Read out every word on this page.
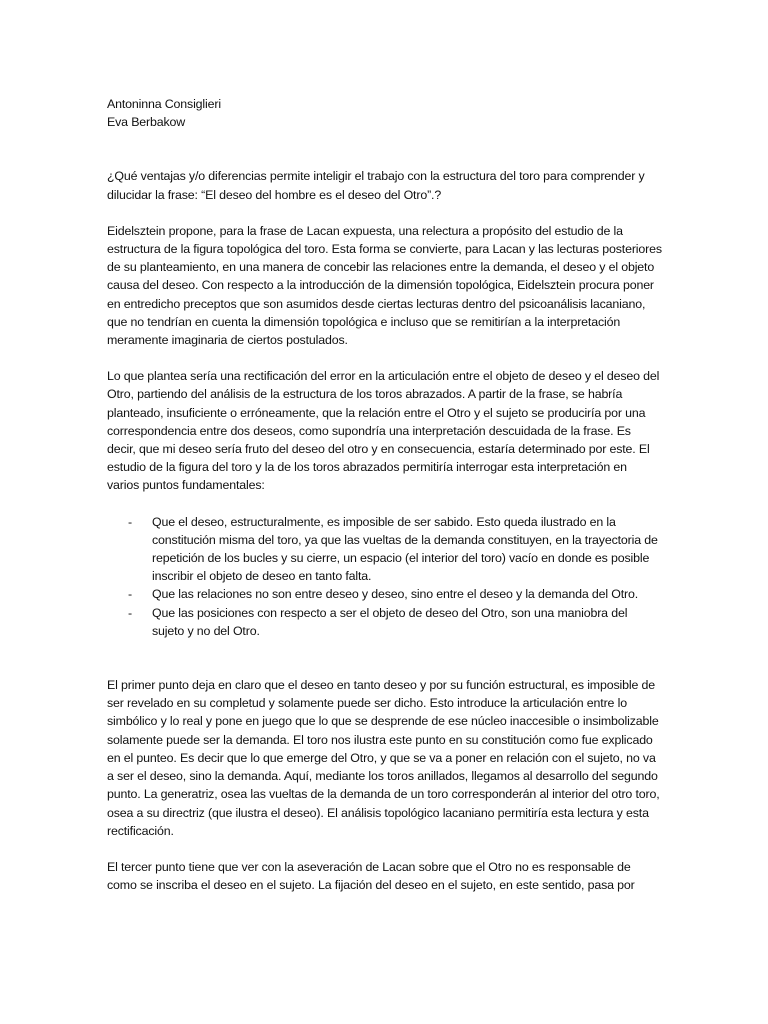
Antoninna Consiglieri
Eva Berbakow

¿Qué ventajas y/o diferencias permite inteligir el trabajo con la estructura del toro para comprender y dilucidar la frase: “El deseo del hombre es el deseo del Otro”.?

Eidelsztein propone, para la frase de Lacan expuesta, una relectura a propósito del estudio de la estructura de la figura topológica del toro. Esta forma se convierte, para Lacan y las lecturas posteriores de su planteamiento, en una manera de concebir las relaciones entre la demanda, el deseo y el objeto causa del deseo. Con respecto a la introducción de la dimensión topológica, Eidelsztein procura poner en entredicho preceptos que son asumidos desde ciertas lecturas dentro del psicoanálisis lacaniano, que no tendrían en cuenta la dimensión topológica e incluso que se remitirían a la interpretación meramente imaginaria de ciertos postulados.

Lo que plantea sería una rectificación del error en la articulación entre el objeto de deseo y el deseo del Otro, partiendo del análisis de la estructura de los toros abrazados. A partir de la frase, se habría planteado, insuficiente o erróneamente, que la relación entre el Otro y el sujeto se produciría por una correspondencia entre dos deseos, como supondría una interpretación descuidada de la frase. Es decir, que mi deseo sería fruto del deseo del otro y en consecuencia, estaría determinado por este. El estudio de la figura del toro y la de los toros abrazados permitiría interrogar esta interpretación en varios puntos fundamentales:

- Que el deseo, estructuralmente, es imposible de ser sabido. Esto queda ilustrado en la constitución misma del toro, ya que las vueltas de la demanda constituyen, en la trayectoria de repetición de los bucles y su cierre, un espacio (el interior del toro) vacío en donde es posible inscribir el objeto de deseo en tanto falta.
- Que las relaciones no son entre deseo y deseo, sino entre el deseo y la demanda del Otro.
- Que las posiciones con respecto a ser el objeto de deseo del Otro, son una maniobra del sujeto y no del Otro.

El primer punto deja en claro que el deseo en tanto deseo y por su función estructural, es imposible de ser revelado en su completud y solamente puede ser dicho. Esto introduce la articulación entre lo simbólico y lo real y pone en juego que lo que se desprende de ese núcleo inaccesible o insimbolizable solamente puede ser la demanda. El toro nos ilustra este punto en su constitución como fue explicado en el punteo. Es decir que lo que emerge del Otro, y que se va a poner en relación con el sujeto, no va a ser el deseo, sino la demanda. Aquí, mediante los toros anillados, llegamos al desarrollo del segundo punto. La generatriz, osea las vueltas de la demanda de un toro corresponderán al interior del otro toro, osea a su directriz (que ilustra el deseo). El análisis topológico lacaniano permitiría esta lectura y esta rectificación.

El tercer punto tiene que ver con la aseveración de Lacan sobre que el Otro no es responsable de como se inscriba el deseo en el sujeto. La fijación del deseo en el sujeto, en este sentido, pasa por
